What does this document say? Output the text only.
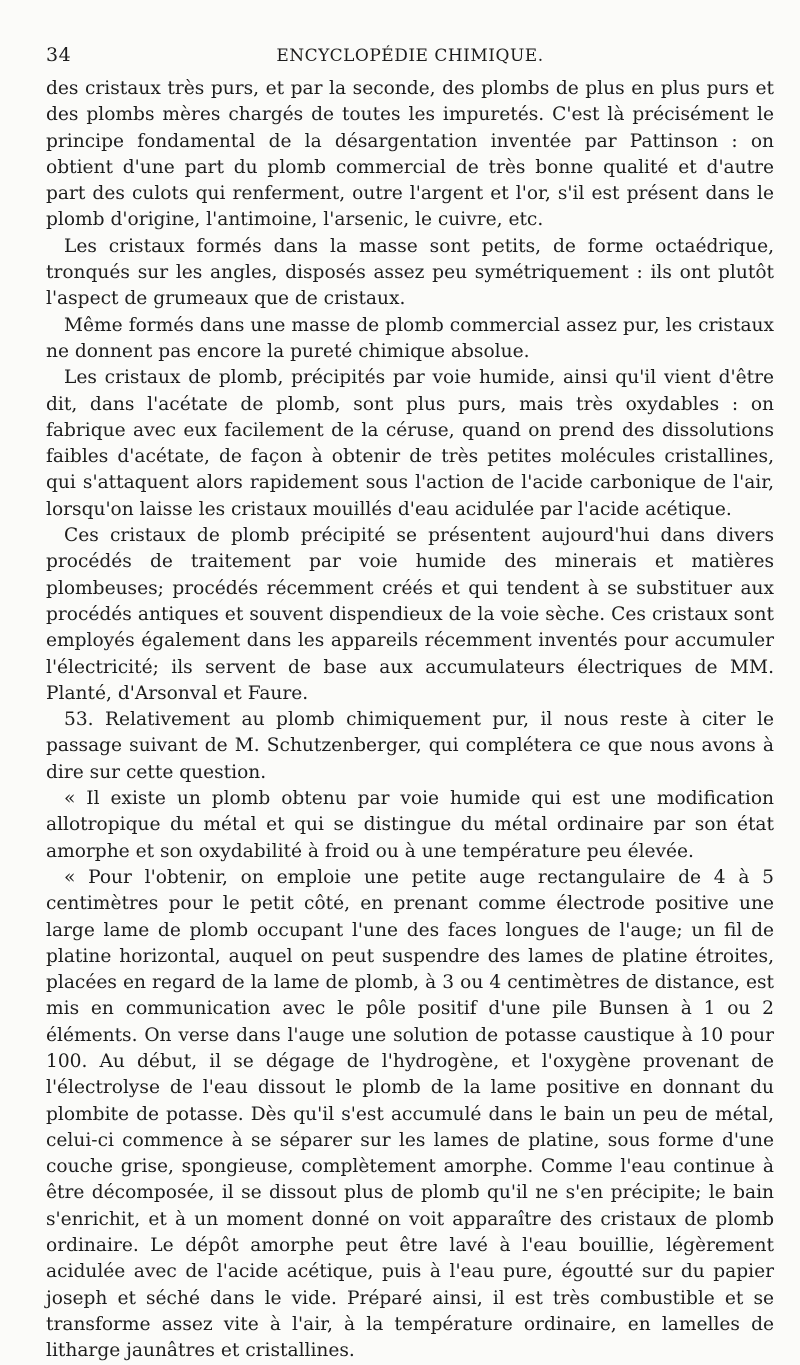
34	ENCYCLOPÉDIE CHIMIQUE.

des cristaux très purs, et par la seconde, des plombs de plus en plus purs et des plombs mères chargés de toutes les impuretés. C'est là précisément le principe fondamental de la désargentation inventée par Pattinson : on obtient d'une part du plomb commercial de très bonne qualité et d'autre part des culots qui renferment, outre l'argent et l'or, s'il est présent dans le plomb d'origine, l'antimoine, l'arsenic, le cuivre, etc.

Les cristaux formés dans la masse sont petits, de forme octaédrique, tronqués sur les angles, disposés assez peu symétriquement : ils ont plutôt l'aspect de grumeaux que de cristaux.

Même formés dans une masse de plomb commercial assez pur, les cristaux ne donnent pas encore la pureté chimique absolue.

Les cristaux de plomb, précipités par voie humide, ainsi qu'il vient d'être dit, dans l'acétate de plomb, sont plus purs, mais très oxydables : on fabrique avec eux facilement de la céruse, quand on prend des dissolutions faibles d'acétate, de façon à obtenir de très petites molécules cristallines, qui s'attaquent alors rapidement sous l'action de l'acide carbonique de l'air, lorsqu'on laisse les cristaux mouillés d'eau acidulée par l'acide acétique.

Ces cristaux de plomb précipité se présentent aujourd'hui dans divers procédés de traitement par voie humide des minerais et matières plombeuses; procédés récemment créés et qui tendent à se substituer aux procédés antiques et souvent dispendieux de la voie sèche. Ces cristaux sont employés également dans les appareils récemment inventés pour accumuler l'électricité; ils servent de base aux accumulateurs électriques de MM. Planté, d'Arsonval et Faure.

53. Relativement au plomb chimiquement pur, il nous reste à citer le passage suivant de M. Schutzenberger, qui complétera ce que nous avons à dire sur cette question.

« Il existe un plomb obtenu par voie humide qui est une modification allotropique du métal et qui se distingue du métal ordinaire par son état amorphe et son oxydabilité à froid ou à une température peu élevée.

« Pour l'obtenir, on emploie une petite auge rectangulaire de 4 à 5 centimètres pour le petit côté, en prenant comme électrode positive une large lame de plomb occupant l'une des faces longues de l'auge; un fil de platine horizontal, auquel on peut suspendre des lames de platine étroites, placées en regard de la lame de plomb, à 3 ou 4 centimètres de distance, est mis en communication avec le pôle positif d'une pile Bunsen à 1 ou 2 éléments. On verse dans l'auge une solution de potasse caustique à 10 pour 100. Au début, il se dégage de l'hydrogène, et l'oxygène provenant de l'électrolyse de l'eau dissout le plomb de la lame positive en donnant du plombite de potasse. Dès qu'il s'est accumulé dans le bain un peu de métal, celui-ci commence à se séparer sur les lames de platine, sous forme d'une couche grise, spongieuse, complètement amorphe. Comme l'eau continue à être décomposée, il se dissout plus de plomb qu'il ne s'en précipite; le bain s'enrichit, et à un moment donné on voit apparaître des cristaux de plomb ordinaire. Le dépôt amorphe peut être lavé à l'eau bouillie, légèrement acidulée avec de l'acide acétique, puis à l'eau pure, égoutté sur du papier joseph et séché dans le vide. Préparé ainsi, il est très combustible et se transforme assez vite à l'air, à la température ordinaire, en lamelles de litharge jaunâtres et cristallines.
